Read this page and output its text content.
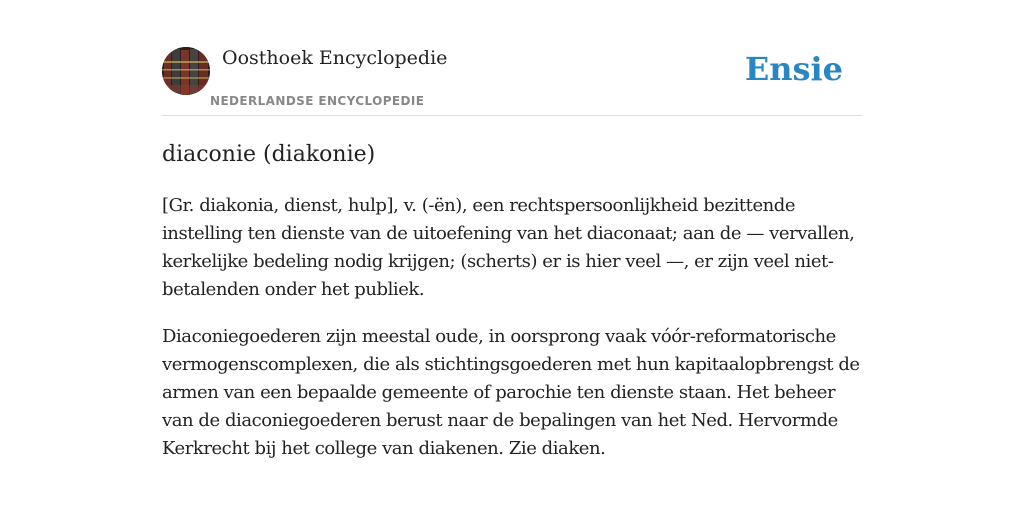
Oosthoek Encyclopedie
NEDERLANDSE ENCYCLOPEDIE
Ensie
diaconie (diakonie)

[Gr. diakonia, dienst, hulp], v. (-ën), een rechtspersoonlijkheid bezittende instelling ten dienste van de uitoefening van het diaconaat; aan de — vervallen, kerkelijke bedeling nodig krijgen; (scherts) er is hier veel —, er zijn veel niet-betalenden onder het publiek.

Diaconiegoederen zijn meestal oude, in oorsprong vaak vóór-reformatorische vermogenscomplexen, die als stichtingsgoederen met hun kapitaalopbrengst de armen van een bepaalde gemeente of parochie ten dienste staan. Het beheer van de diaconiegoederen berust naar de bepalingen van het Ned. Hervormde Kerkrecht bij het college van diakenen. Zie diaken.
